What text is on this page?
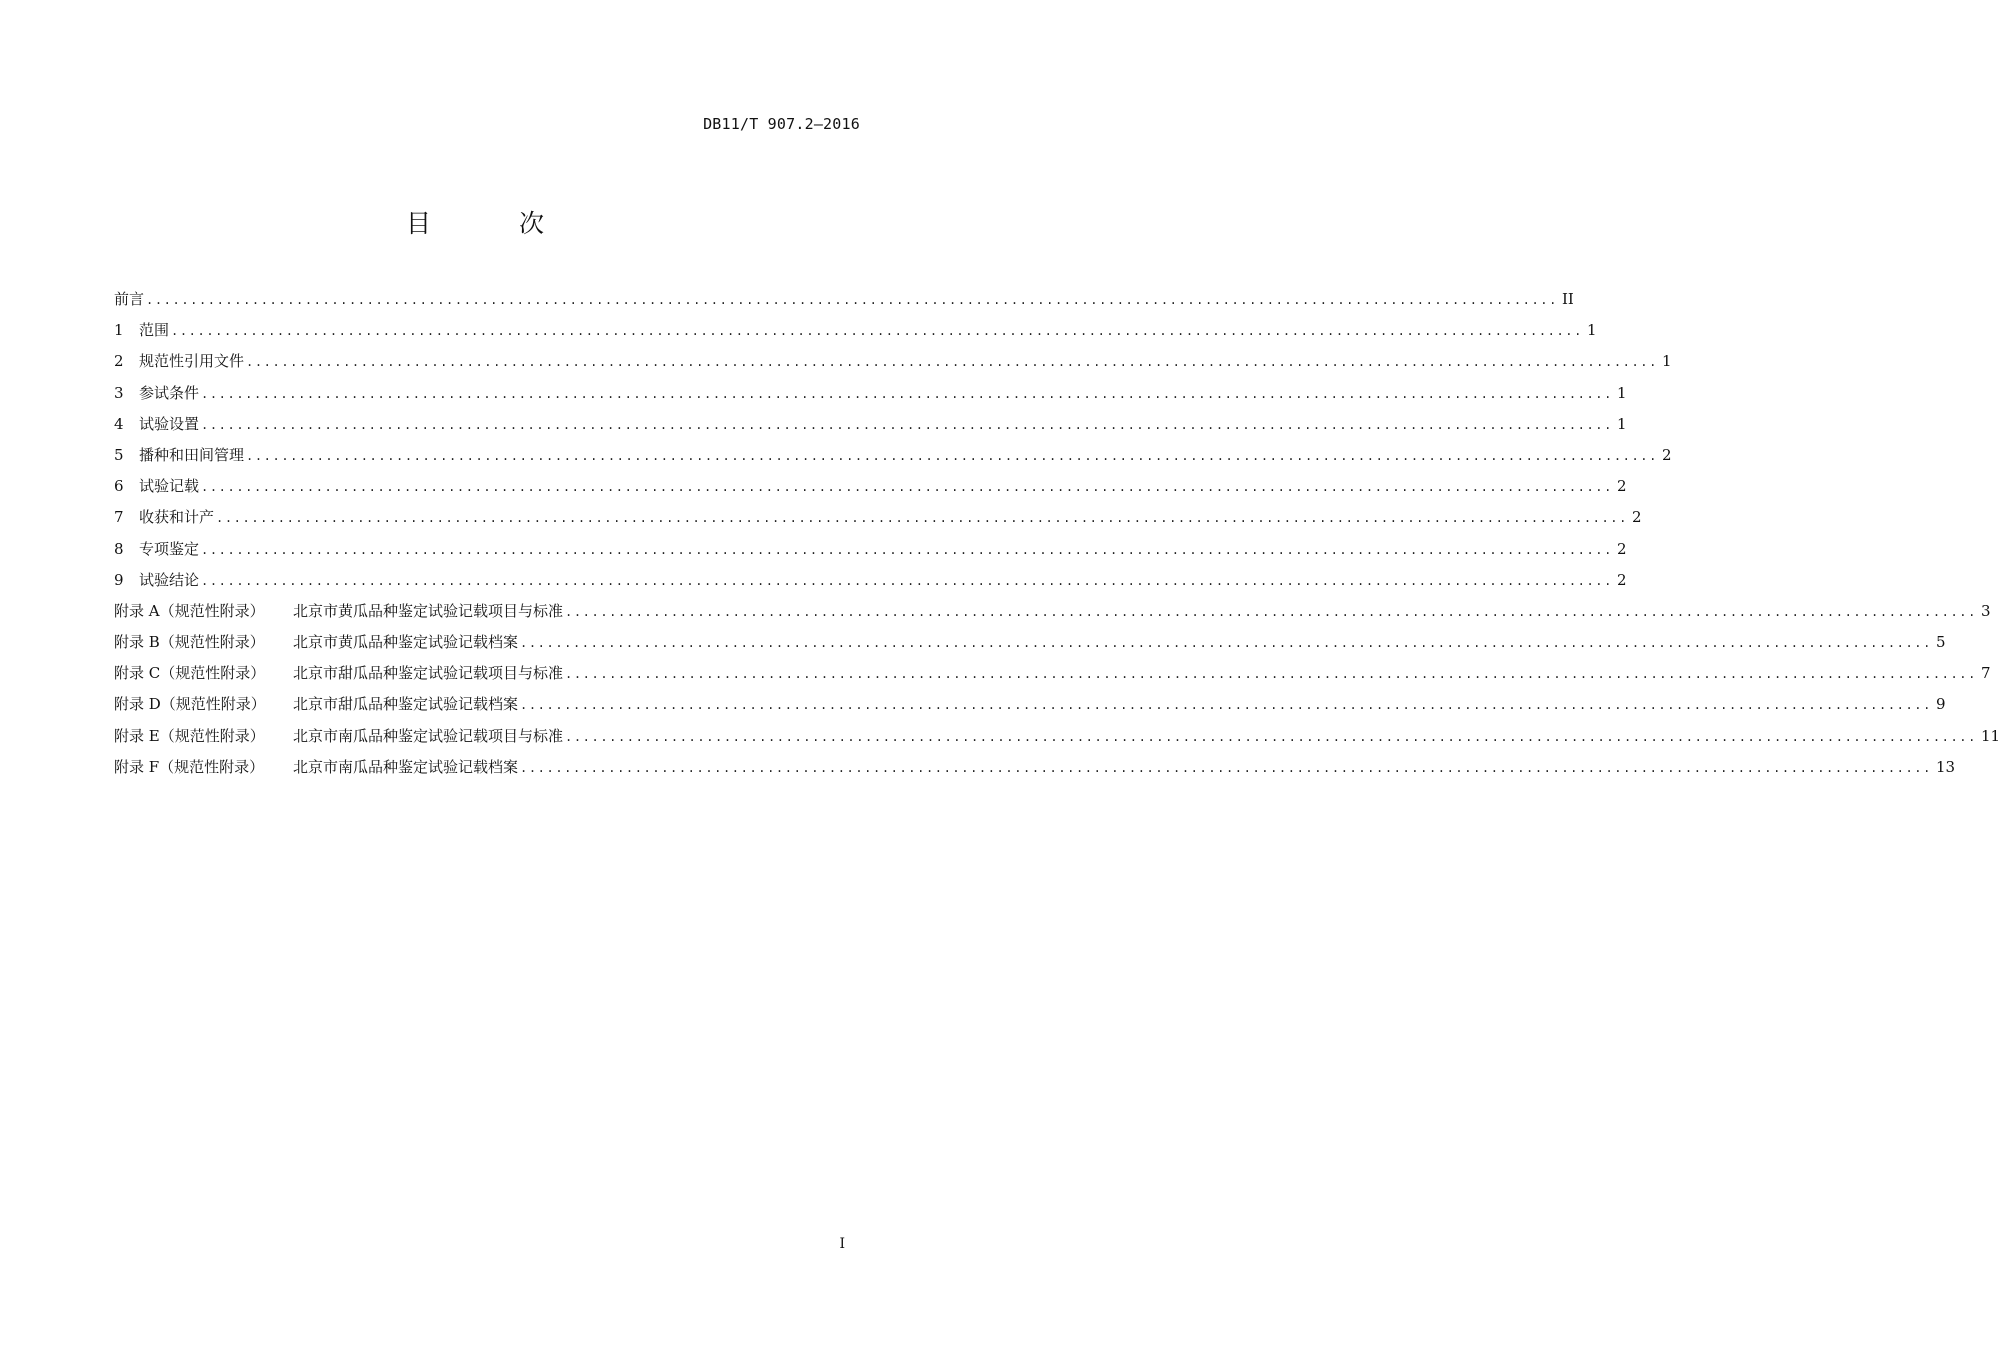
DB11/T 907.2—2016
目 次
前言 ................................................................................................................................................................ II
1	范围 ................................................................................................................................................................ 1
2	规范性引用文件 ................................................................................................................................................................ 1
3	参试条件 ................................................................................................................................................................ 1
4	试验设置 ................................................................................................................................................................ 1
5	播种和田间管理 ................................................................................................................................................................ 2
6	试验记载 ................................................................................................................................................................ 2
7	收获和计产 ................................................................................................................................................................ 2
8	专项鉴定 ................................................................................................................................................................ 2
9	试验结论 ................................................................................................................................................................ 2
附录 A（规范性附录）	北京市黄瓜品种鉴定试验记载项目与标准 ................................................................................................................................................................ 3
附录 B（规范性附录）	北京市黄瓜品种鉴定试验记载档案 ................................................................................................................................................................ 5
附录 C（规范性附录）	北京市甜瓜品种鉴定试验记载项目与标准 ................................................................................................................................................................ 7
附录 D（规范性附录）	北京市甜瓜品种鉴定试验记载档案 ................................................................................................................................................................ 9
附录 E（规范性附录）	北京市南瓜品种鉴定试验记载项目与标准 ................................................................................................................................................................ 11
附录 F（规范性附录）	北京市南瓜品种鉴定试验记载档案 ................................................................................................................................................................ 13
I
